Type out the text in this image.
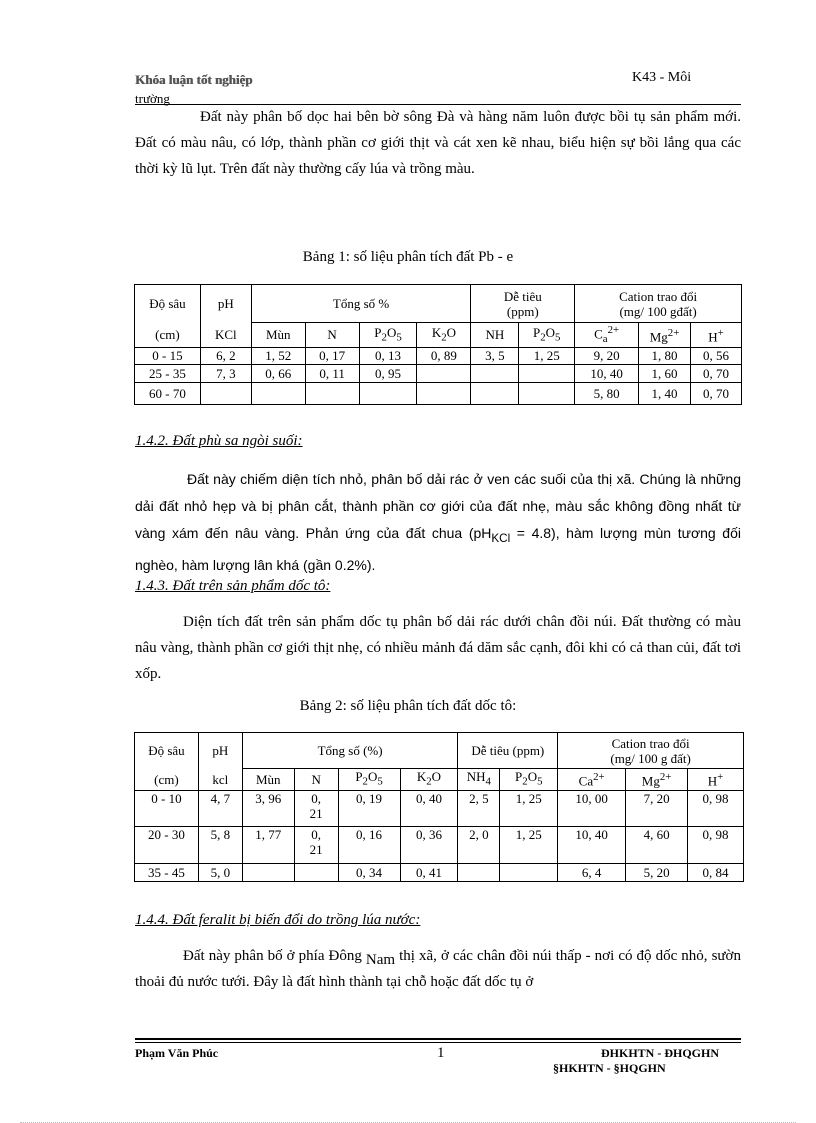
Khóa luận tốt nghiệp
trường
K43 - Môi

Đất này phân bố dọc hai bên bờ sông Đà và hàng năm luôn được bồi tụ sản phẩm mới. Đất có màu nâu, có lớp, thành phần cơ giới thịt và cát xen kẽ nhau, biểu hiện sự bồi lắng qua các thời kỳ lũ lụt. Trên đất này thường cấy lúa và trồng màu.

Bảng 1: số liệu phân tích đất Pb - e
Độ sâu	pH	Tổng số %				Dễ tiêu
(ppm)		Cation trao đổi
(mg/ 100 gđất)		
(cm)	KCl	Mùn	N	$P_2O_5$	$K_2O$	NH	$P_2O_5$	$C_a^{2+}$	$Mg^{2+}$	H+
0 - 15	6, 2	1, 52	0, 17	0, 13	0, 89	3, 5	1, 25	9, 20	1, 80	0, 56
25 - 35	7, 3	0, 66	0, 11	0, 95				10, 40	1, 60	0, 70
60 - 70								5, 80	1, 40	0, 70
1.4.2. Đất phù sa ngòi suối:

Đất này chiếm diện tích nhỏ, phân bố dải rác ở ven các suối của thị xã. Chúng là những dải đất nhỏ hẹp và bị phân cắt, thành phần cơ giới của đất nhẹ, màu sắc không đồng nhất từ vàng xám đến nâu vàng. Phản ứng của đất chua $(pH_{KCl} = 4.8)$, hàm lượng mùn tương đối nghèo, hàm lượng lân khá (gần 0.2%).

1.4.3. Đất trên sản phẩm dốc tô:

Diện tích đất trên sản phẩm dốc tụ phân bố dải rác dưới chân đồi núi. Đất thường có màu nâu vàng, thành phần cơ giới thịt nhẹ, có nhiều mảnh đá dăm sắc cạnh, đôi khi có cả than củi, đất tơi xốp.

Bảng 2: số liệu phân tích đất dốc tô:
Độ sâu	pH	Tổng số (%)				Dễ tiêu (ppm)		Cation trao đổi
(mg/ 100 g đất)		
(cm)	kcl	Mùn	N	$P_2O_5$	$K_2O$	$NH_4$	$P_2O_5$	$Ca^{2+}$	$Mg^{2+}$	H+
0 - 10	4, 7	3, 96	0,
21	0, 19	0, 40	2, 5	1, 25	10, 00	7, 20	0, 98
20 - 30	5, 8	1, 77	0,
21	0, 16	0, 36	2, 0	1, 25	10, 40	4, 60	0, 98
35 - 45	5, 0			0, 34	0, 41			6, 4	5, 20	0, 84
1.4.4. Đất feralit bị biến đổi do trồng lúa nước:

Đất này phân bố ở phía Đông Nam thị xã, ở các chân đồi núi thấp - nơi có độ dốc nhỏ, sườn thoải đủ nước tưới. Đây là đất hình thành tại chỗ hoặc đất dốc tụ ở

Phạm Văn Phúc	1	ĐHKHTN - ĐHQGHN
§HKHTN - §HQGHN
